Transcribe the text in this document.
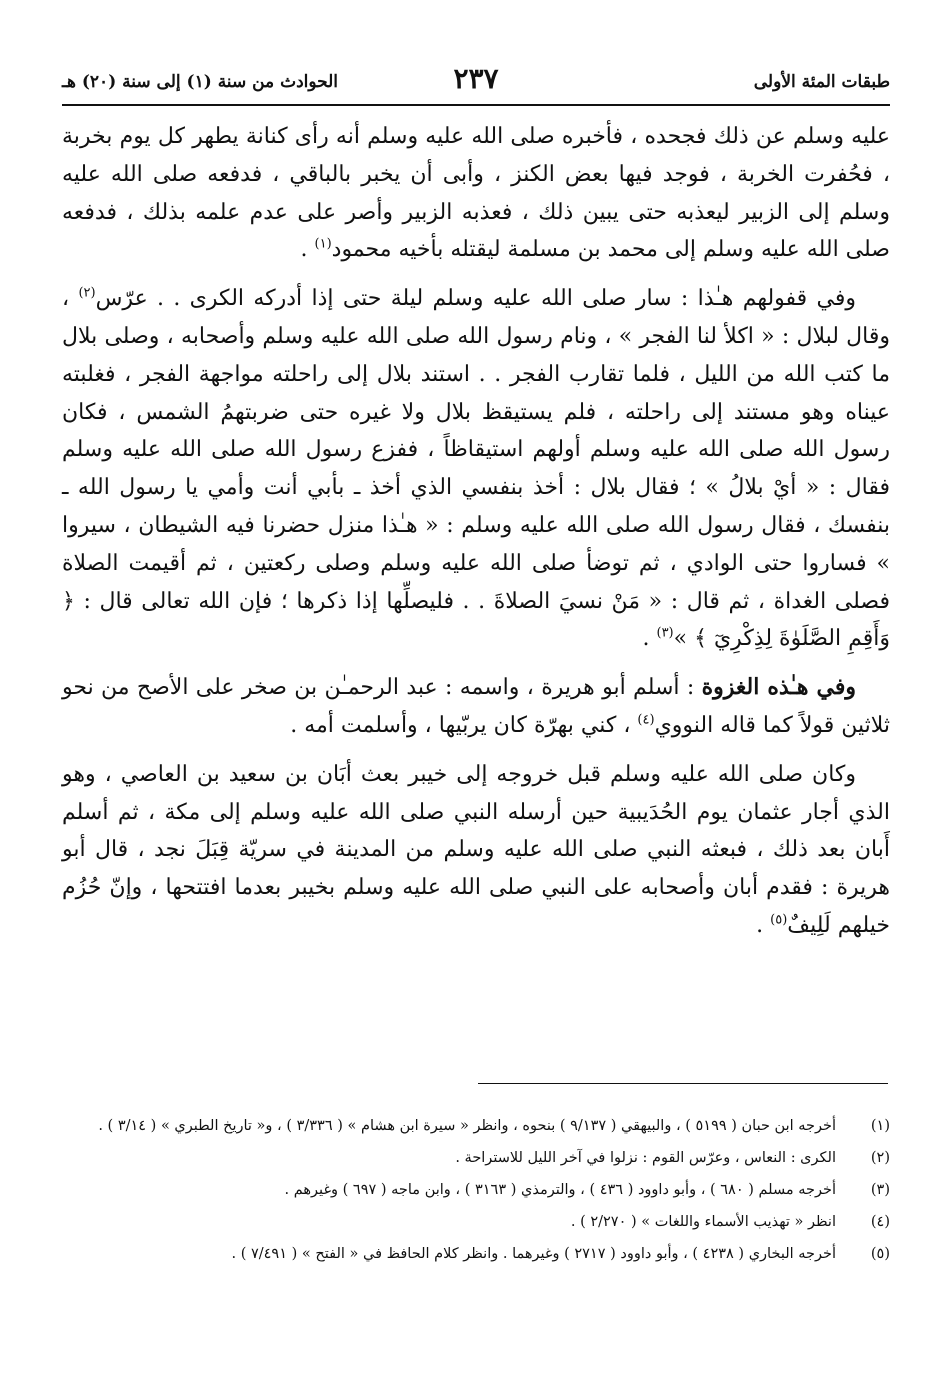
طبقات المئة الأولى
٢٣٧
الحوادث من سنة (١) إلى سنة (٢٠) هـ

عليه وسلم عن ذلك فجحده ، فأخبره صلى الله عليه وسلم أنه رأى كنانة يطهر كل يوم بخربة ، فحُفرت الخربة ، فوجد فيها بعض الكنز ، وأبى أن يخبر بالباقي ، فدفعه صلى الله عليه وسلم إلى الزبير ليعذبه حتى يبين ذلك ، فعذبه الزبير وأصر على عدم علمه بذلك ، فدفعه صلى الله عليه وسلم إلى محمد بن مسلمة ليقتله بأخيه محمود$^{(١)}$ .

وفي قفولهم هـٰذا : سار صلى الله عليه وسلم ليلة حتى إذا أدركه الكرى . . عرّس$^{(٢)}$ ، وقال لبلال : « اكلأ لنا الفجر » ، ونام رسول الله صلى الله عليه وسلم وأصحابه ، وصلى بلال ما كتب الله من الليل ، فلما تقارب الفجر . . استند بلال إلى راحلته مواجهة الفجر ، فغلبته عيناه وهو مستند إلى راحلته ، فلم يستيقظ بلال ولا غيره حتى ضربتهمُ الشمس ، فكان رسول الله صلى الله عليه وسلم أولهم استيقاظاً ، ففزع رسول الله صلى الله عليه وسلم فقال : « أيْ بلالُ » ؛ فقال بلال : أخذ بنفسي الذي أخذ ـ بأبي أنت وأمي يا رسول الله ـ بنفسك ، فقال رسول الله صلى الله عليه وسلم : « هـٰذا منزل حضرنا فيه الشيطان ، سيروا » فساروا حتى الوادي ، ثم توضأ صلى الله عليه وسلم وصلى ركعتين ، ثم أقيمت الصلاة فصلى الغداة ، ثم قال : « مَنْ نسيَ الصلاةَ . . فليصلِّها إذا ذكرها ؛ فإن الله تعالى قال : ﴿ وَأَقِمِ الصَّلَوٰةَ لِذِكْرِيٓ ﴾ »$^{(٣)}$ .

وفي هـٰذه الغزوة : أسلم أبو هريرة ، واسمه : عبد الرحمـٰن بن صخر على الأصح من نحو ثلاثين قولاً كما قاله النووي$^{(٤)}$ ، كني بهرّة كان يربّيها ، وأسلمت أمه .

وكان صلى الله عليه وسلم قبل خروجه إلى خيبر بعث أبَان بن سعيد بن العاصي ، وهو الذي أجار عثمان يوم الحُدَيبية حين أرسله النبي صلى الله عليه وسلم إلى مكة ، ثم أسلم أَبان بعد ذلك ، فبعثه النبي صلى الله عليه وسلم من المدينة في سريّة قِبَلَ نجد ، قال أبو هريرة : فقدم أبان وأصحابه على النبي صلى الله عليه وسلم بخيبر بعدما افتتحها ، وإنّ حُزُم خيلهم لَلِيفٌ$^{(٥)}$ .

(١)
أخرجه ابن حبان ( ٥١٩٩ ) ، والبيهقي ( ٩/١٣٧ ) بنحوه ، وانظر « سيرة ابن هشام » ( ٣/٣٣٦ ) ، و« تاريخ الطبري » ( ٣/١٤ ) .
(٢)
الكرى : النعاس ، وعرّس القوم : نزلوا في آخر الليل للاستراحة .
(٣)
أخرجه مسلم ( ٦٨٠ ) ، وأبو داوود ( ٤٣٦ ) ، والترمذي ( ٣١٦٣ ) ، وابن ماجه ( ٦٩٧ ) وغيرهم .
(٤)
انظر « تهذيب الأسماء واللغات » ( ٢/٢٧٠ ) .
(٥)
أخرجه البخاري ( ٤٢٣٨ ) ، وأبو داوود ( ٢٧١٧ ) وغيرهما . وانظر كلام الحافظ في « الفتح » ( ٧/٤٩١ ) .
